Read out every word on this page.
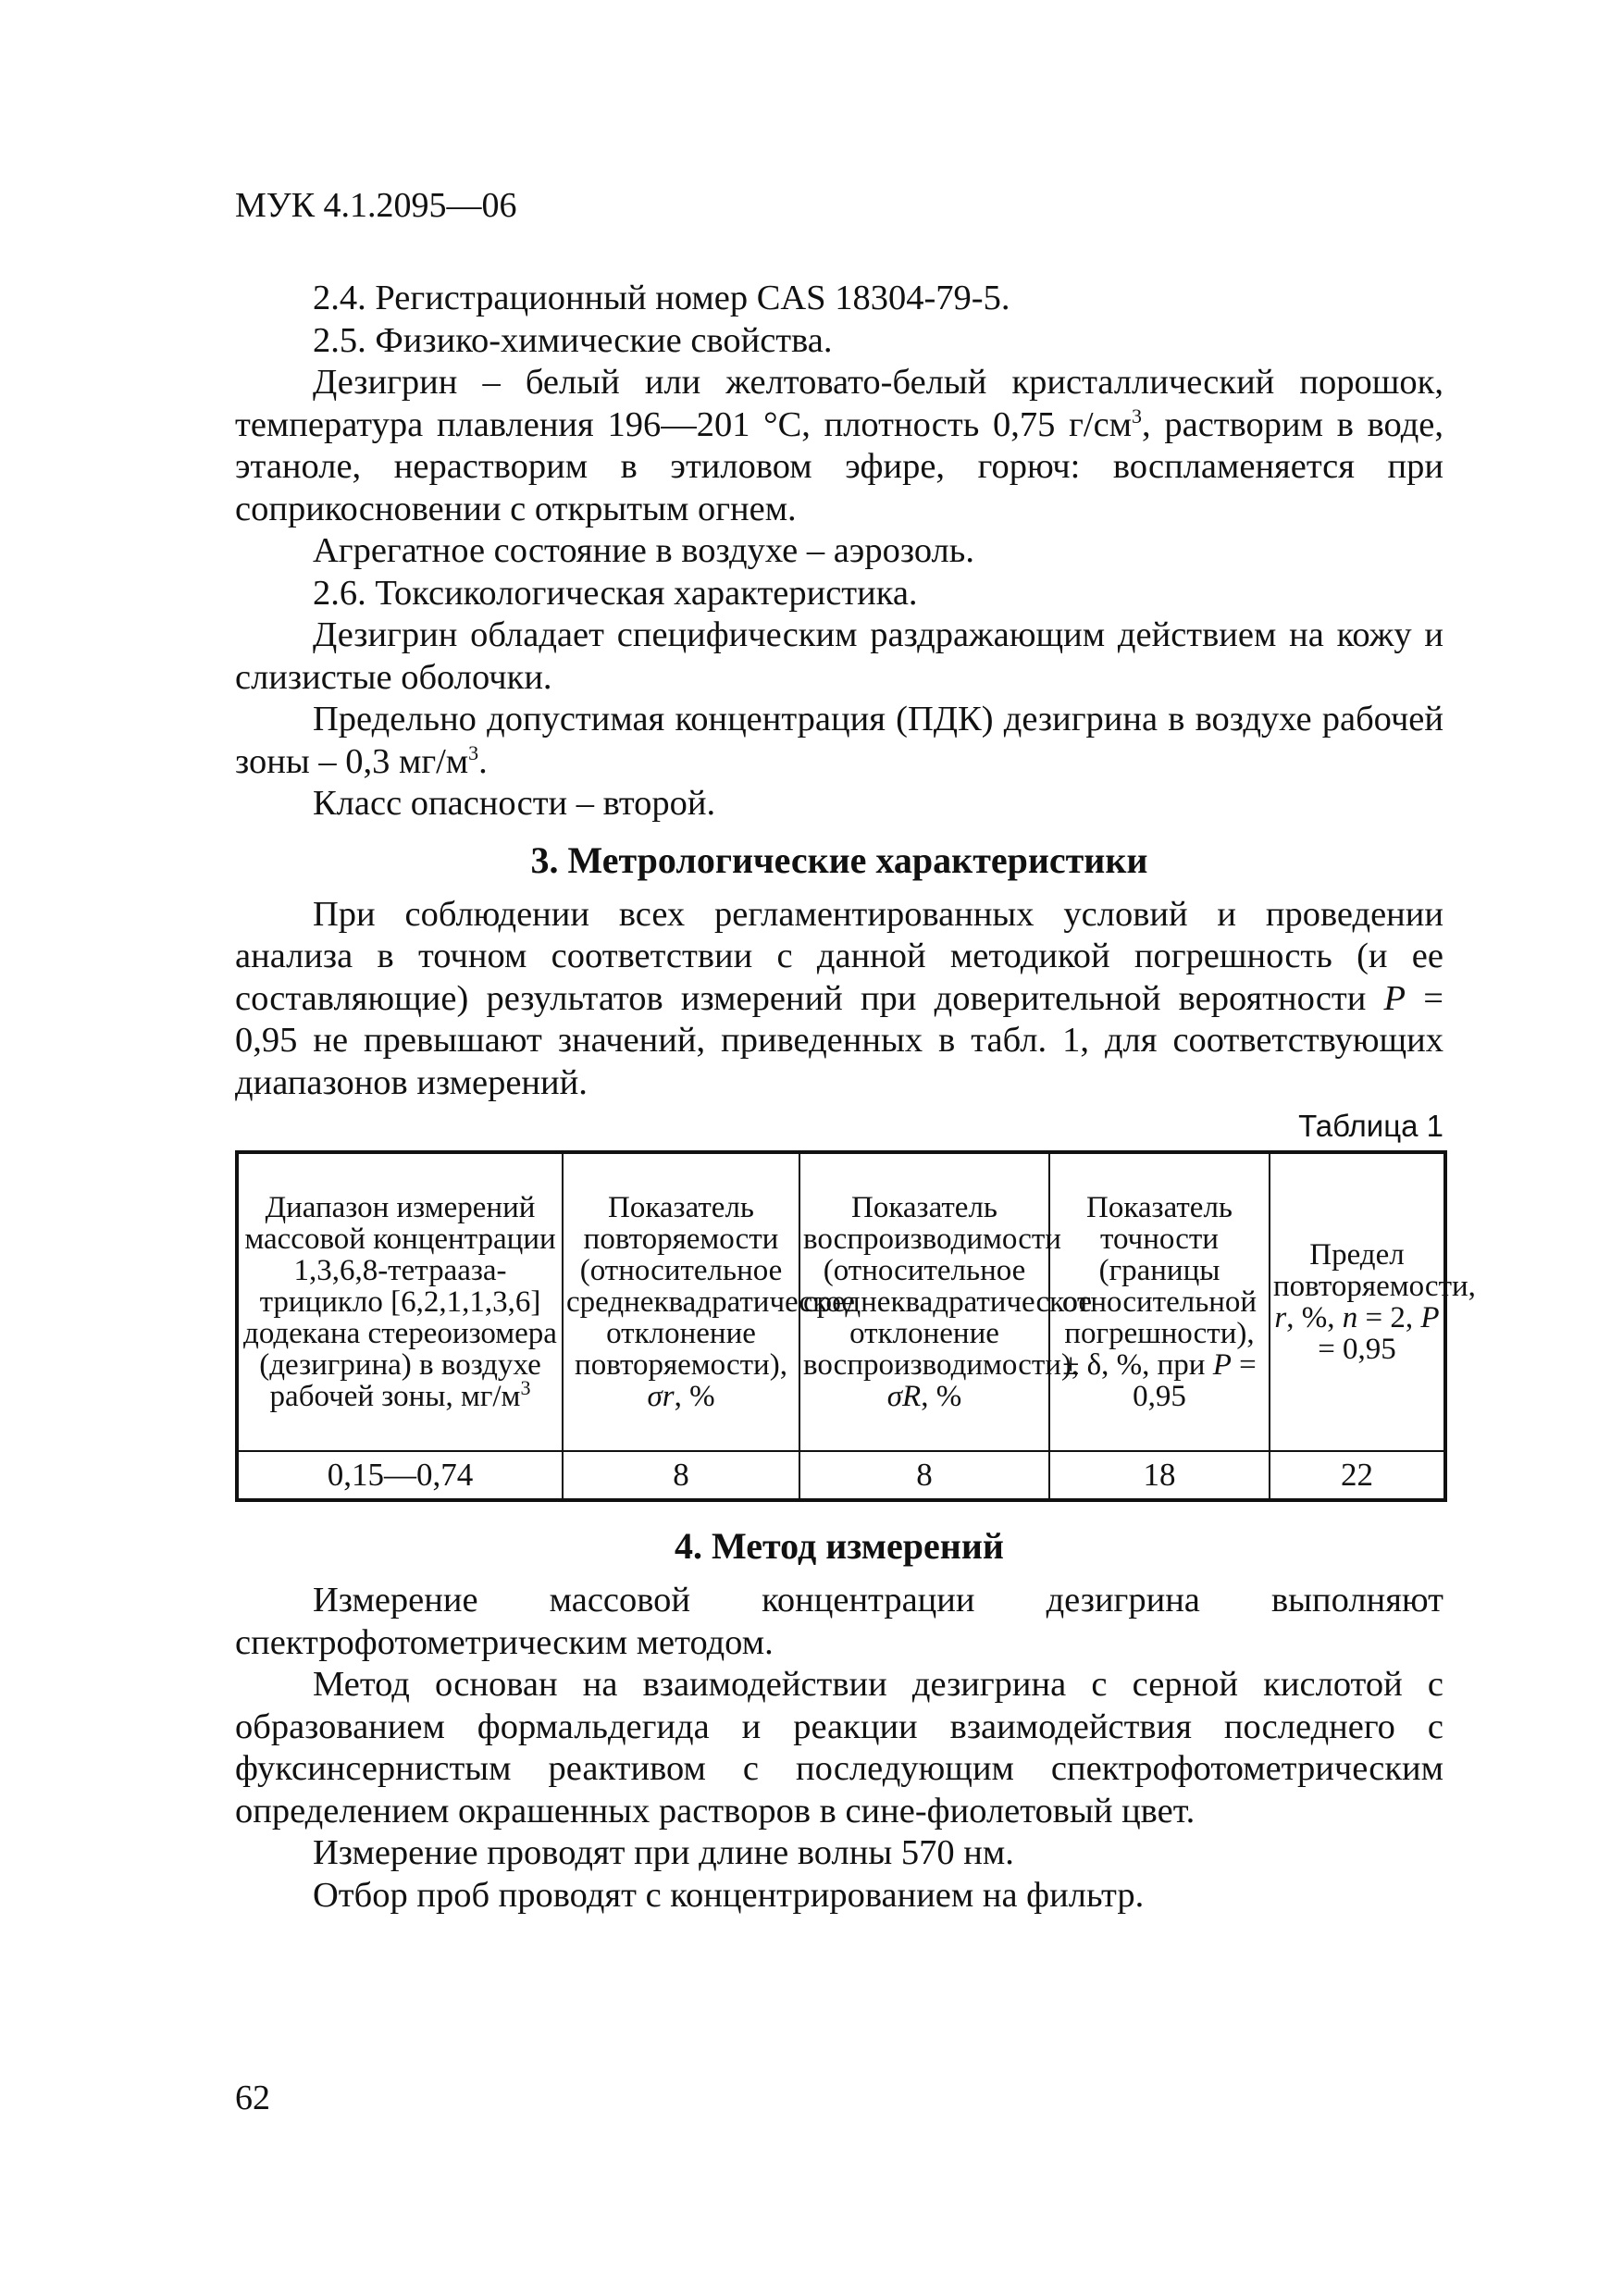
МУК 4.1.2095—06

2.4. Регистрационный номер CAS 18304-79-5.

2.5. Физико-химические свойства.

Дезигрин – белый или желтовато-белый кристаллический порошок, температура плавления 196—201 °С, плотность 0,75 $г/см^3$, растворим в воде, этаноле, нерастворим в этиловом эфире, горюч: воспламеняется при соприкосновении с открытым огнем.

Агрегатное состояние в воздухе – аэрозоль.

2.6. Токсикологическая характеристика.

Дезигрин обладает специфическим раздражающим действием на кожу и слизистые оболочки.

Предельно допустимая концентрация (ПДК) дезигрина в воздухе рабочей зоны – 0,3 $мг/м^3$.

Класс опасности – второй.

3. Метрологические характеристики

При соблюдении всех регламентированных условий и проведении анализа в точном соответствии с данной методикой погрешность (и ее составляющие) результатов измерений при доверительной вероятности P = 0,95 не превышают значений, приведенных в табл. 1, для соответствующих диапазонов измерений.

Таблица 1
Диапазон измерений массовой концентрации 1,3,6,8-тетрааза-трицикло [6,2,1,1,3,6] додекана стереоизомера (дезигрина) в воздухе рабочей зоны, $мг/м^3$	Показатель повторяемости (относительное среднеквадратическое отклонение повторяемости), σr, %	Показатель воспроизводимости (относительное среднеквадратическое отклонение воспроизводимости), σR, %	Показатель точности (границы относительной погрешности), ± δ, %, при P = 0,95	Предел повторяемости, r, %, n = 2, P = 0,95
0,15—0,74	8	8	18	22
4. Метод измерений

Измерение массовой концентрации дезигрина выполняют спектрофотометрическим методом.

Метод основан на взаимодействии дезигрина с серной кислотой с образованием формальдегида и реакции взаимодействия последнего с фуксинсернистым реактивом с последующим спектрофотометрическим определением окрашенных растворов в сине-фиолетовый цвет.

Измерение проводят при длине волны 570 нм.

Отбор проб проводят с концентрированием на фильтр.

62
